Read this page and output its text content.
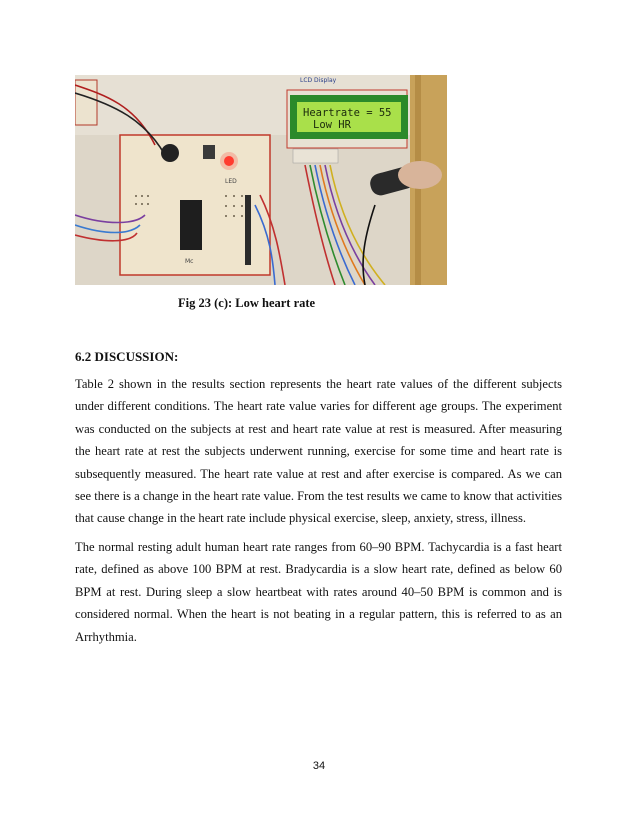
LED
Mc
Heartrate = 55
Low HR
LCD Display
Fig 23 (c): Low heart rate
6.2 DISCUSSION:

Table 2 shown in the results section represents the heart rate values of the different subjects under different conditions. The heart rate value varies for different age groups. The experiment was conducted on the subjects at rest and heart rate value at rest is measured. After measuring the heart rate at rest the subjects underwent running, exercise for some time and heart rate is subsequently measured. The heart rate value at rest and after exercise is compared. As we can see there is a change in the heart rate value. From the test results we came to know that activities that cause change in the heart rate include physical exercise, sleep, anxiety, stress, illness.

The normal resting adult human heart rate ranges from 60–90 BPM. Tachycardia is a fast heart rate, defined as above 100 BPM at rest. Bradycardia is a slow heart rate, defined as below 60 BPM at rest. During sleep a slow heartbeat with rates around 40–50 BPM is common and is considered normal. When the heart is not beating in a regular pattern, this is referred to as an Arrhythmia.

34
